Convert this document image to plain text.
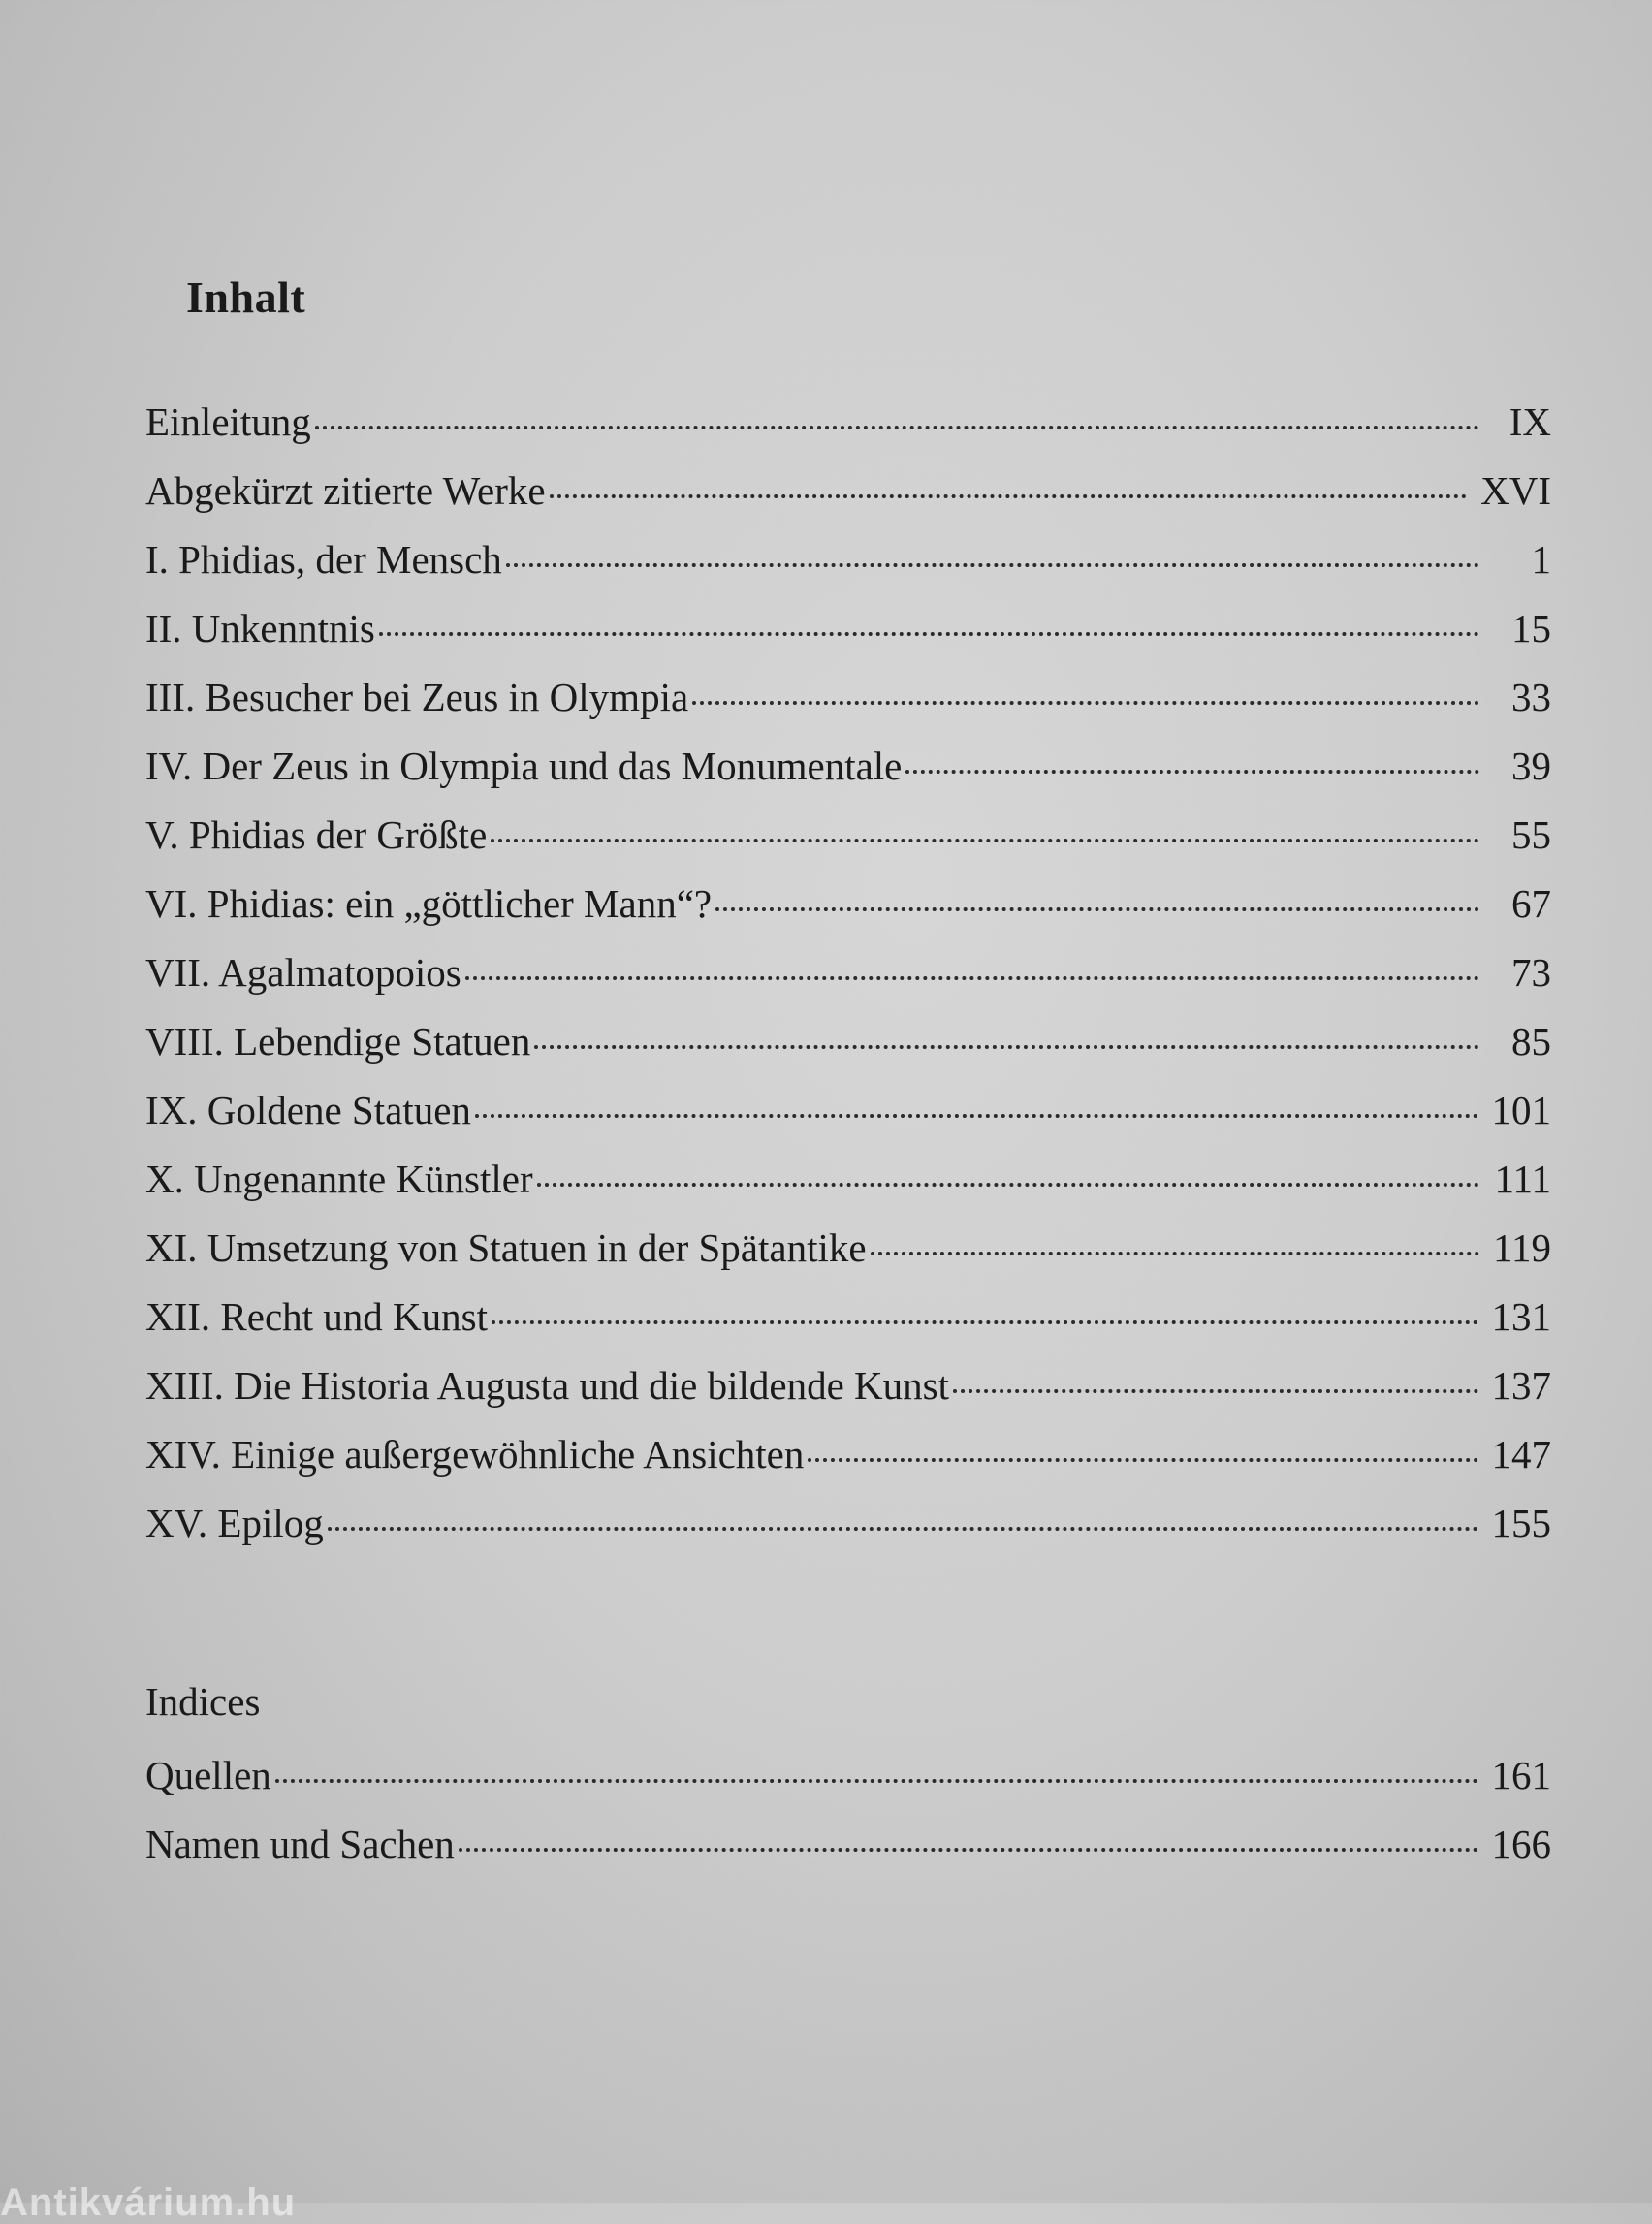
Inhalt
Einleitung	IX
Abgekürzt zitierte Werke	XVI
I. Phidias, der Mensch	1
II. Unkenntnis	15
III. Besucher bei Zeus in Olympia	33
IV. Der Zeus in Olympia und das Monumentale	39
V. Phidias der Größte	55
VI. Phidias: ein „göttlicher Mann“?	67
VII. Agalmatopoios	73
VIII. Lebendige Statuen	85
IX. Goldene Statuen	101
X. Ungenannte Künstler	111
XI. Umsetzung von Statuen in der Spätantike	119
XII. Recht und Kunst	131
XIII. Die Historia Augusta und die bildende Kunst	137
XIV. Einige außergewöhnliche Ansichten	147
XV. Epilog	155
Indices
Quellen	161
Namen und Sachen	166
Antikvárium.hu
